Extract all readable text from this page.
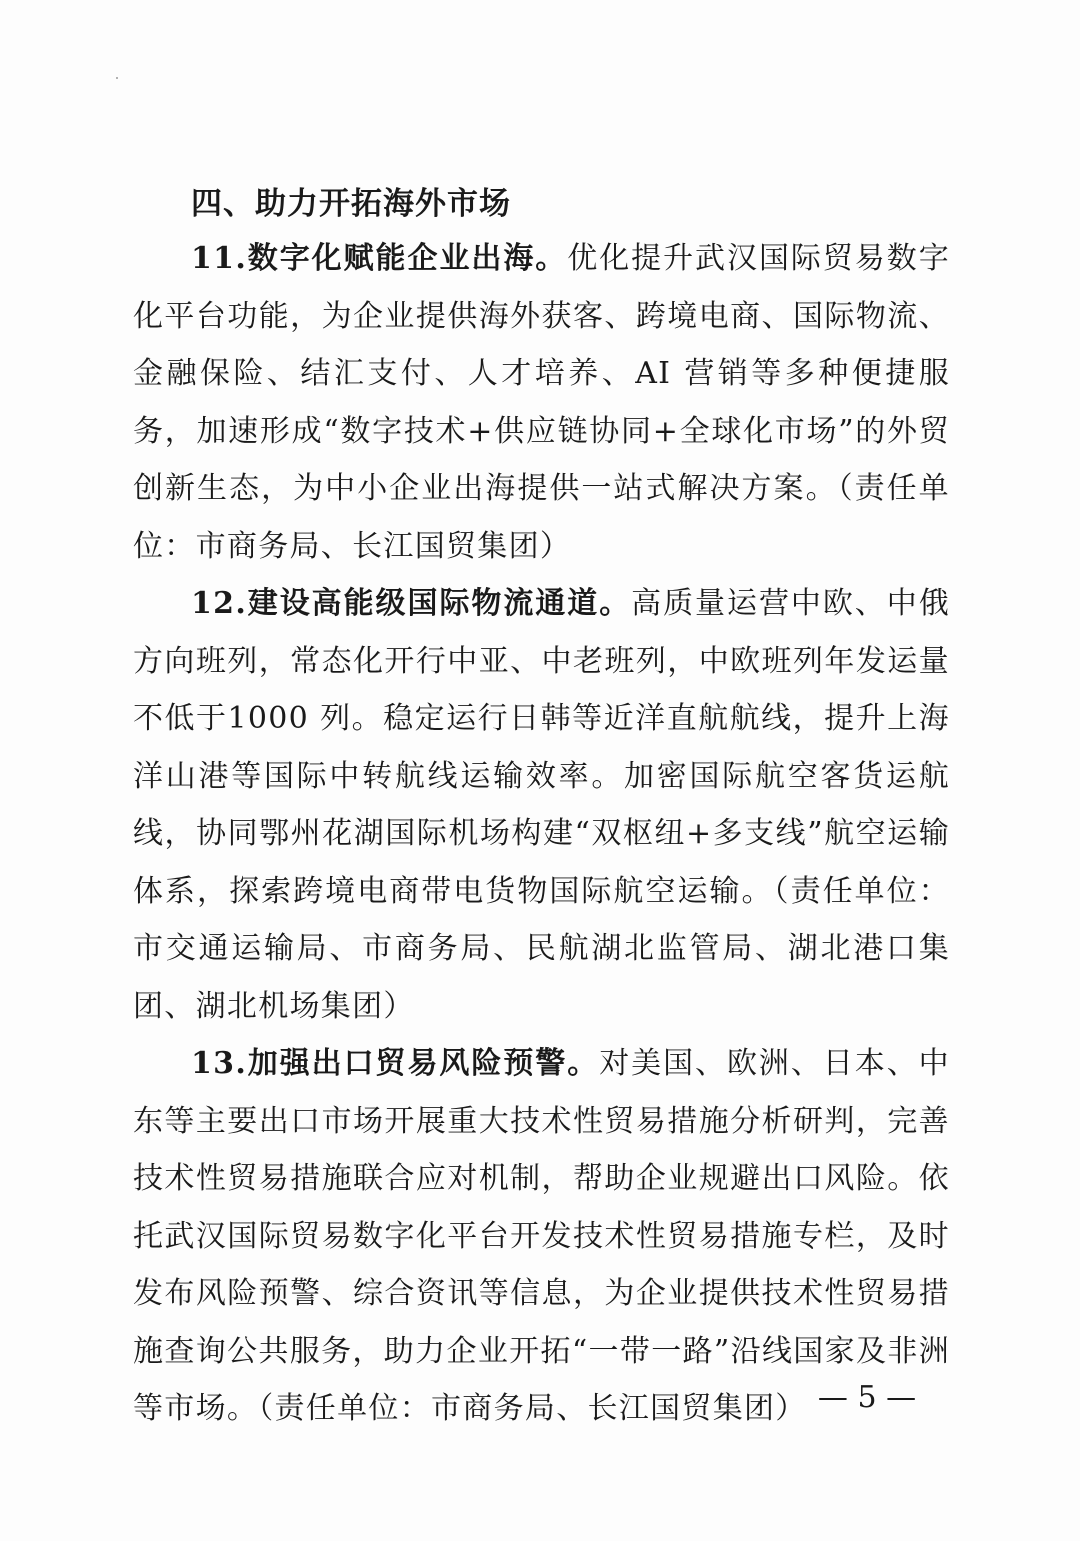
四、助力开拓海外市场

11.数字化赋能企业出海。优化提升武汉国际贸易数字化平台功能，为企业提供海外获客、跨境电商、国际物流、金融保险、结汇支付、人才培养、AI 营销等多种便捷服务，加速形成“数字技术+供应链协同+全球化市场”的外贸创新生态，为中小企业出海提供一站式解决方案。（责任单位：市商务局、长江国贸集团）

12.建设高能级国际物流通道。高质量运营中欧、中俄方向班列，常态化开行中亚、中老班列，中欧班列年发运量不低于1000 列。稳定运行日韩等近洋直航航线，提升上海洋山港等国际中转航线运输效率。加密国际航空客货运航线，协同鄂州花湖国际机场构建“双枢纽+多支线”航空运输体系，探索跨境电商带电货物国际航空运输。（责任单位：市交通运输局、市商务局、民航湖北监管局、湖北港口集团、湖北机场集团）

13.加强出口贸易风险预警。对美国、欧洲、日本、中东等主要出口市场开展重大技术性贸易措施分析研判，完善技术性贸易措施联合应对机制，帮助企业规避出口风险。依托武汉国际贸易数字化平台开发技术性贸易措施专栏，及时发布风险预警、综合资讯等信息，为企业提供技术性贸易措施查询公共服务，助力企业开拓“一带一路”沿线国家及非洲等市场。（责任单位：市商务局、长江国贸集团） — 5 —
